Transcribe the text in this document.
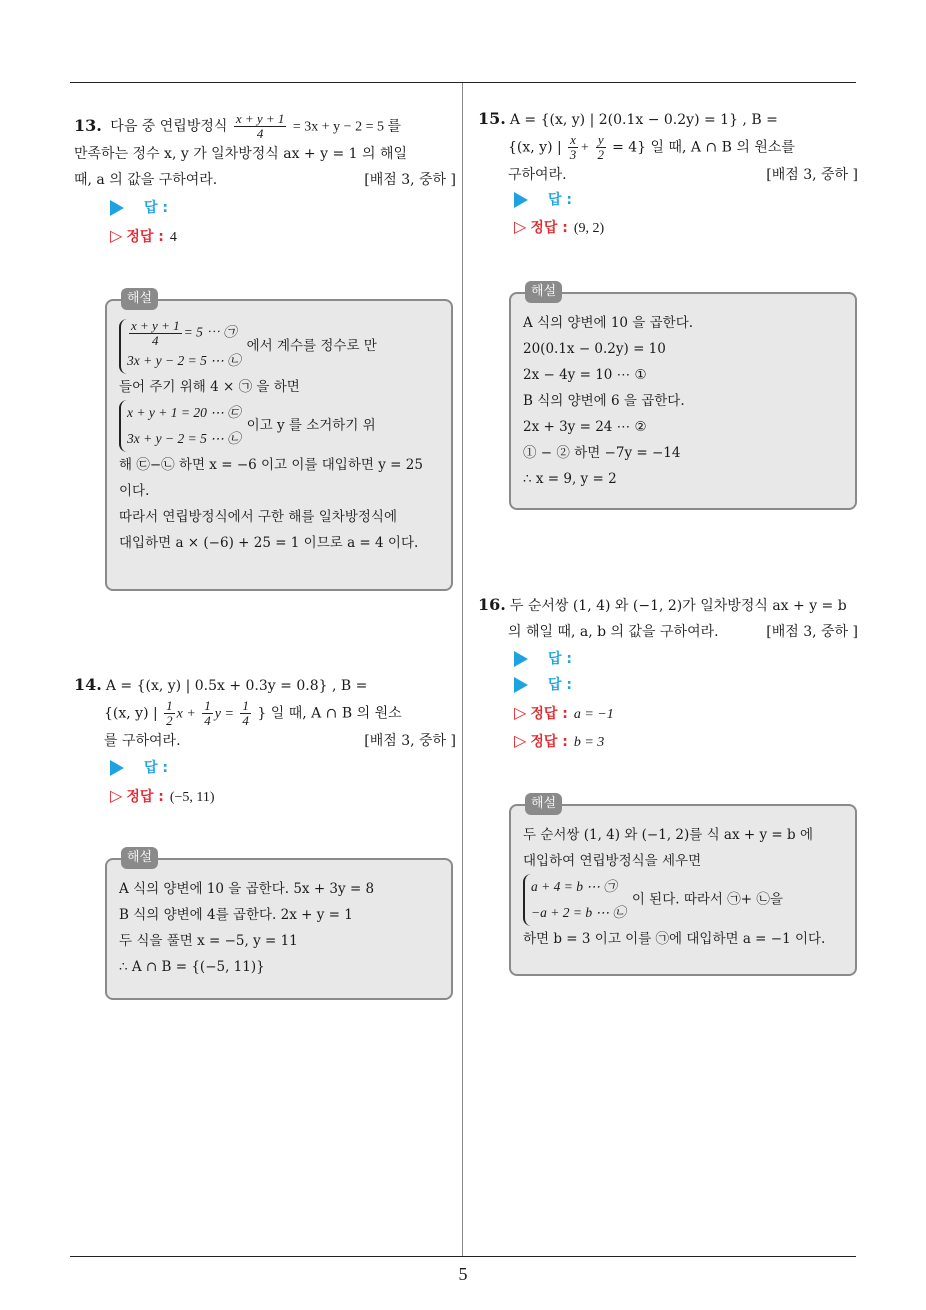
5
13. 다음 중 연립방정식 $\frac{x + y + 1}{4} = 3x + y - 2 = 5$ 를
만족하는 정수 x, y 가 일차방정식 ax + y = 1 의 해일
때, a 의 값을 구하여라.	[배점 3, 중하 ]
답 :
▷ 정답 : 4
해설
$\frac{x + y + 1}{4} = 5$ ⋯ ㉠
3x + y − 2 = 5 ⋯ ㉡
에서 계수를 정수로 만
들어 주기 위해 4 × ㉠ 을 하면
x + y + 1 = 20 ⋯ ㉢
3x + y − 2 = 5 ⋯ ㉡
이고 y 를 소거하기 위
해 ㉢−㉡ 하면 x = −6 이고 이를 대입하면 y = 25
이다.
따라서 연립방정식에서 구한 해를 일차방정식에
대입하면 a × (−6) + 25 = 1 이므로 a = 4 이다.
14. A = {(x, y) | 0.5x + 0.3y = 0.8} , B =
{(x, y) | $\frac{1}{2}$ $x + \frac{1}{4}$ $y = \frac{1}{4}$ } 일 때, A ∩ B 의 원소
를 구하여라.	[배점 3, 중하 ]
답 :
▷ 정답 : (−5, 11)
해설
A 식의 양변에 10 을 곱한다. 5x + 3y = 8
B 식의 양변에 4를 곱한다. 2x + y = 1
두 식을 풀면 x = −5, y = 11
∴ A ∩ B = {(−5, 11)}
15. A = {(x, y) | 2(0.1x − 0.2y) = 1} , B =
{(x, y) | $\frac{x}{3} + \frac{y}{2} = 4$} 일 때, A ∩ B 의 원소를
구하여라.	[배점 3, 중하 ]
답 :
▷ 정답 : (9, 2)
해설
A 식의 양변에 10 을 곱한다.
20(0.1x − 0.2y) = 10
2x − 4y = 10 ⋯ ①
B 식의 양변에 6 을 곱한다.
2x + 3y = 24 ⋯ ②
① − ② 하면 −7y = −14
∴ x = 9, y = 2
16. 두 순서쌍 (1, 4) 와 (−1, 2)가 일차방정식 ax + y = b
의 해일 때, a, b 의 값을 구하여라.	[배점 3, 중하 ]
답 :
답 :
▷ 정답 : a = −1
▷ 정답 : b = 3
해설
두 순서쌍 (1, 4) 와 (−1, 2)를 식 ax + y = b 에
대입하여 연립방정식을 세우면
a + 4 = b ⋯ ㉠
−a + 2 = b ⋯ ㉡
이 된다. 따라서 ㉠+ ㉡을
하면 b = 3 이고 이를 ㉠에 대입하면 a = −1 이다.
